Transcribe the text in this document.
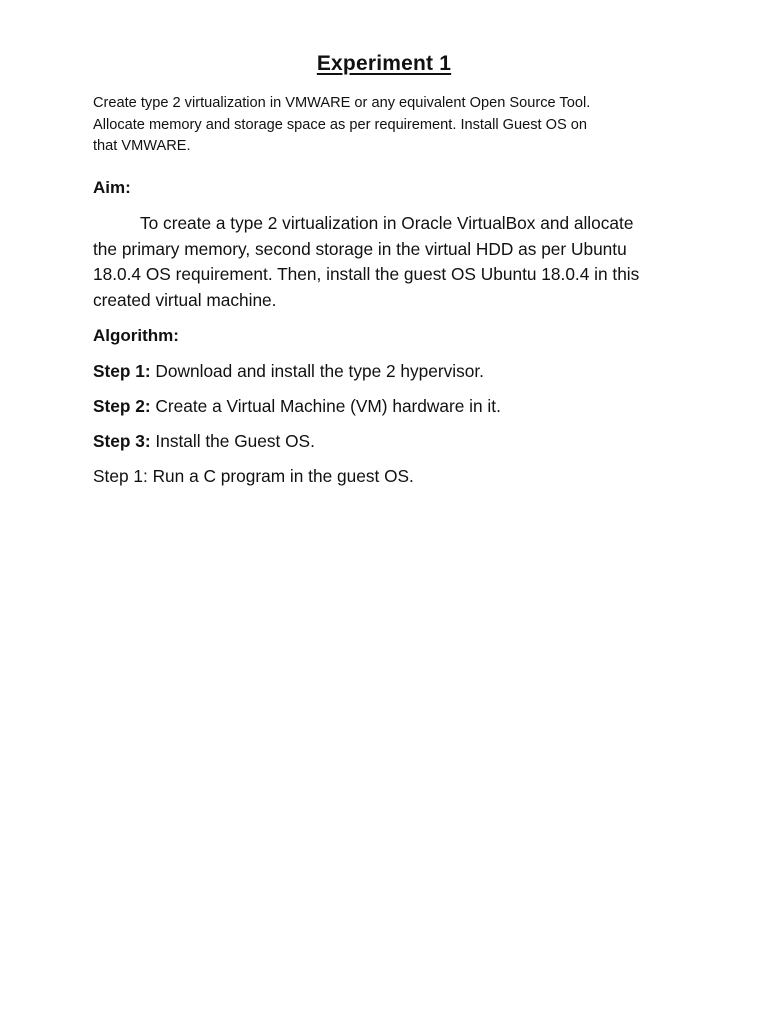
Experiment 1

Create type 2 virtualization in VMWARE or any equivalent Open Source Tool.

Allocate memory and storage space as per requirement. Install Guest OS on

that VMWARE.

Aim:

To create a type 2 virtualization in Oracle VirtualBox and allocate

the primary memory, second storage in the virtual HDD as per Ubuntu

18.0.4 OS requirement. Then, install the guest OS Ubuntu 18.0.4 in this

created virtual machine.

Algorithm:
Step 1: Download and install the type 2 hypervisor.
Step 2: Create a Virtual Machine (VM) hardware in it.
Step 3: Install the Guest OS.
Step 1: Run a C program in the guest OS.
